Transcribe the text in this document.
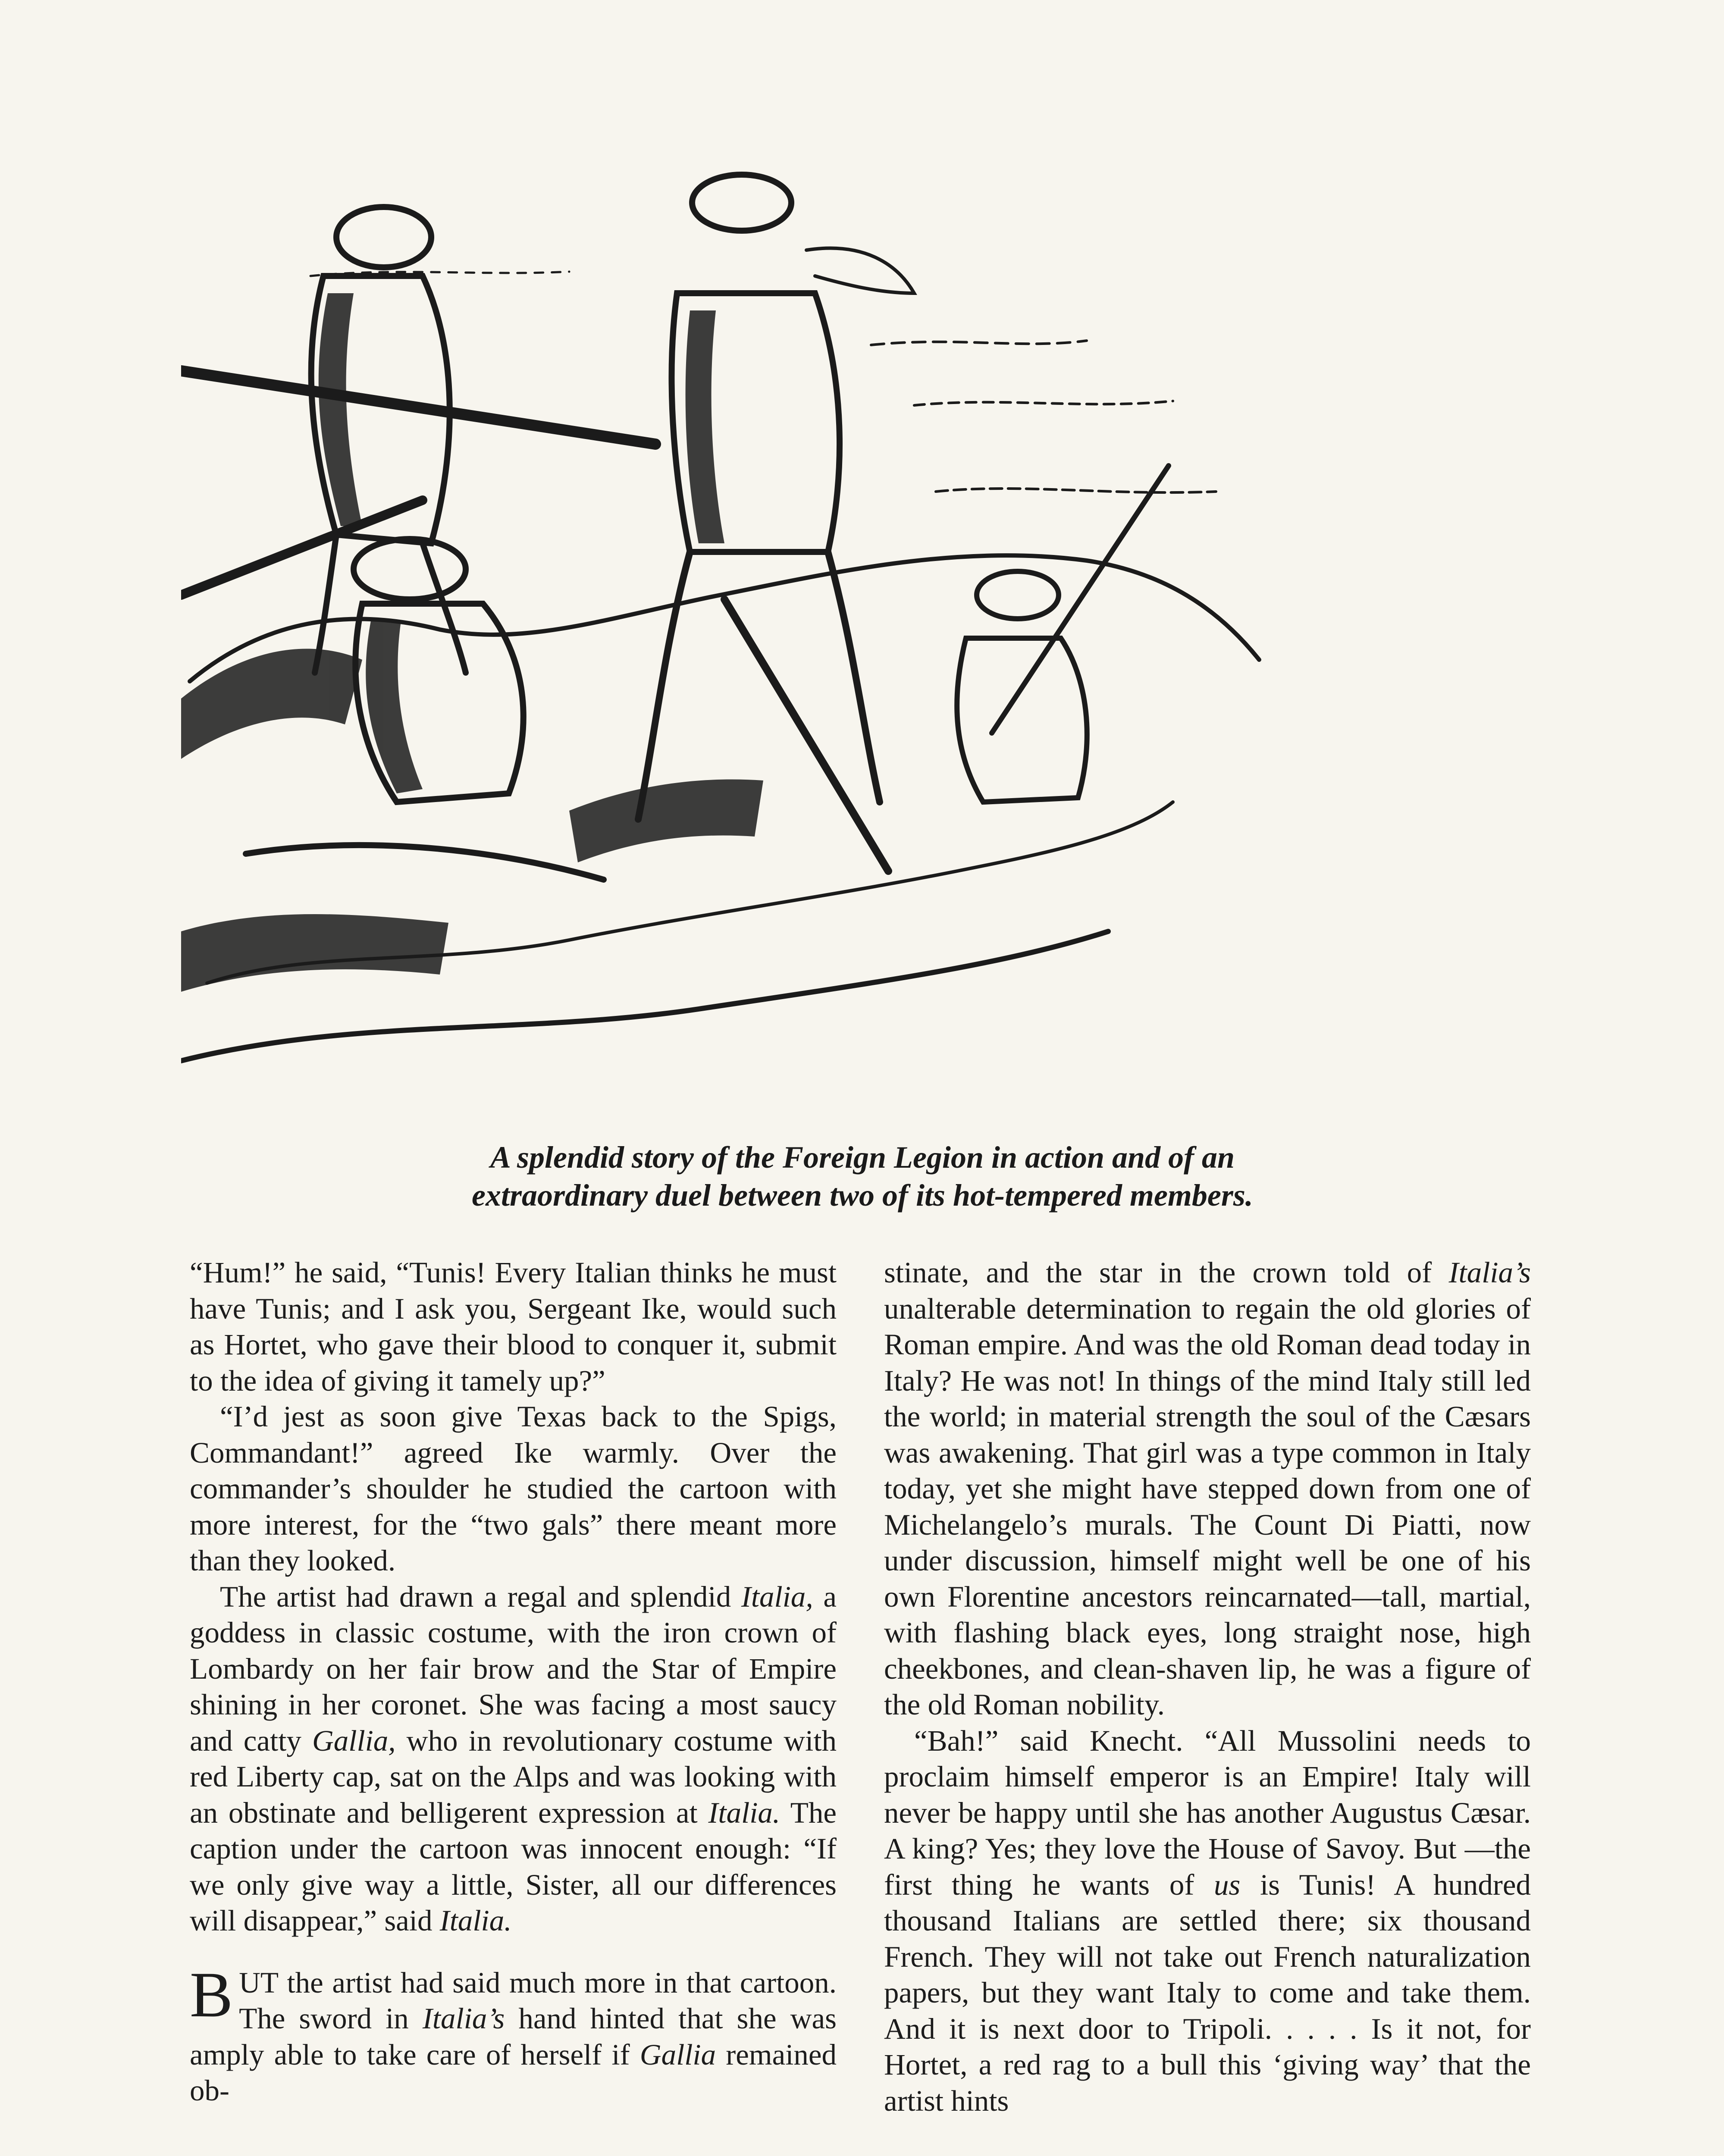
A splendid story of the Foreign Legion in action and of an
extraordinary duel between two of its hot-tempered members.

“Hum!” he said, “Tunis! Every Italian thinks he must have Tunis; and I ask you, Sergeant Ike, would such as Hortet, who gave their blood to conquer it, submit to the idea of giving it tamely up?”

“I’d jest as soon give Texas back to the Spigs, Commandant!” agreed Ike warmly. Over the commander’s shoulder he studied the cartoon with more interest, for the “two gals” there meant more than they looked.

The artist had drawn a regal and splendid Italia, a goddess in classic costume, with the iron crown of Lombardy on her fair brow and the Star of Empire shining in her coronet. She was facing a most saucy and catty Gallia, who in revolutionary costume with red Liberty cap, sat on the Alps and was looking with an obstinate and belligerent expression at Italia. The caption under the cartoon was innocent enough: “If we only give way a little, Sister, all our differences will disappear,” said Italia.

BUT the artist had said much more in that cartoon. The sword in Italia’s hand hinted that she was amply able to take care of herself if Gallia remained ob-

stinate, and the star in the crown told of Italia’s unalterable determination to regain the old glories of Roman empire. And was the old Roman dead today in Italy? He was not! In things of the mind Italy still led the world; in material strength the soul of the Cæsars was awakening. That girl was a type common in Italy today, yet she might have stepped down from one of Michelangelo’s murals. The Count Di Piatti, now under discussion, himself might well be one of his own Florentine ancestors reincarnated—tall, martial, with flashing black eyes, long straight nose, high cheekbones, and clean-shaven lip, he was a figure of the old Roman nobility.

“Bah!” said Knecht. “All Mussolini needs to proclaim himself emperor is an Empire! Italy will never be happy until she has another Augustus Cæsar. A king? Yes; they love the House of Savoy. But —the first thing he wants of us is Tunis! A hundred thousand Italians are settled there; six thousand French. They will not take out French naturalization papers, but they want Italy to come and take them. And it is next door to Tripoli. . . . . Is it not, for Hortet, a red rag to a bull this ‘giving way’ that the artist hints
